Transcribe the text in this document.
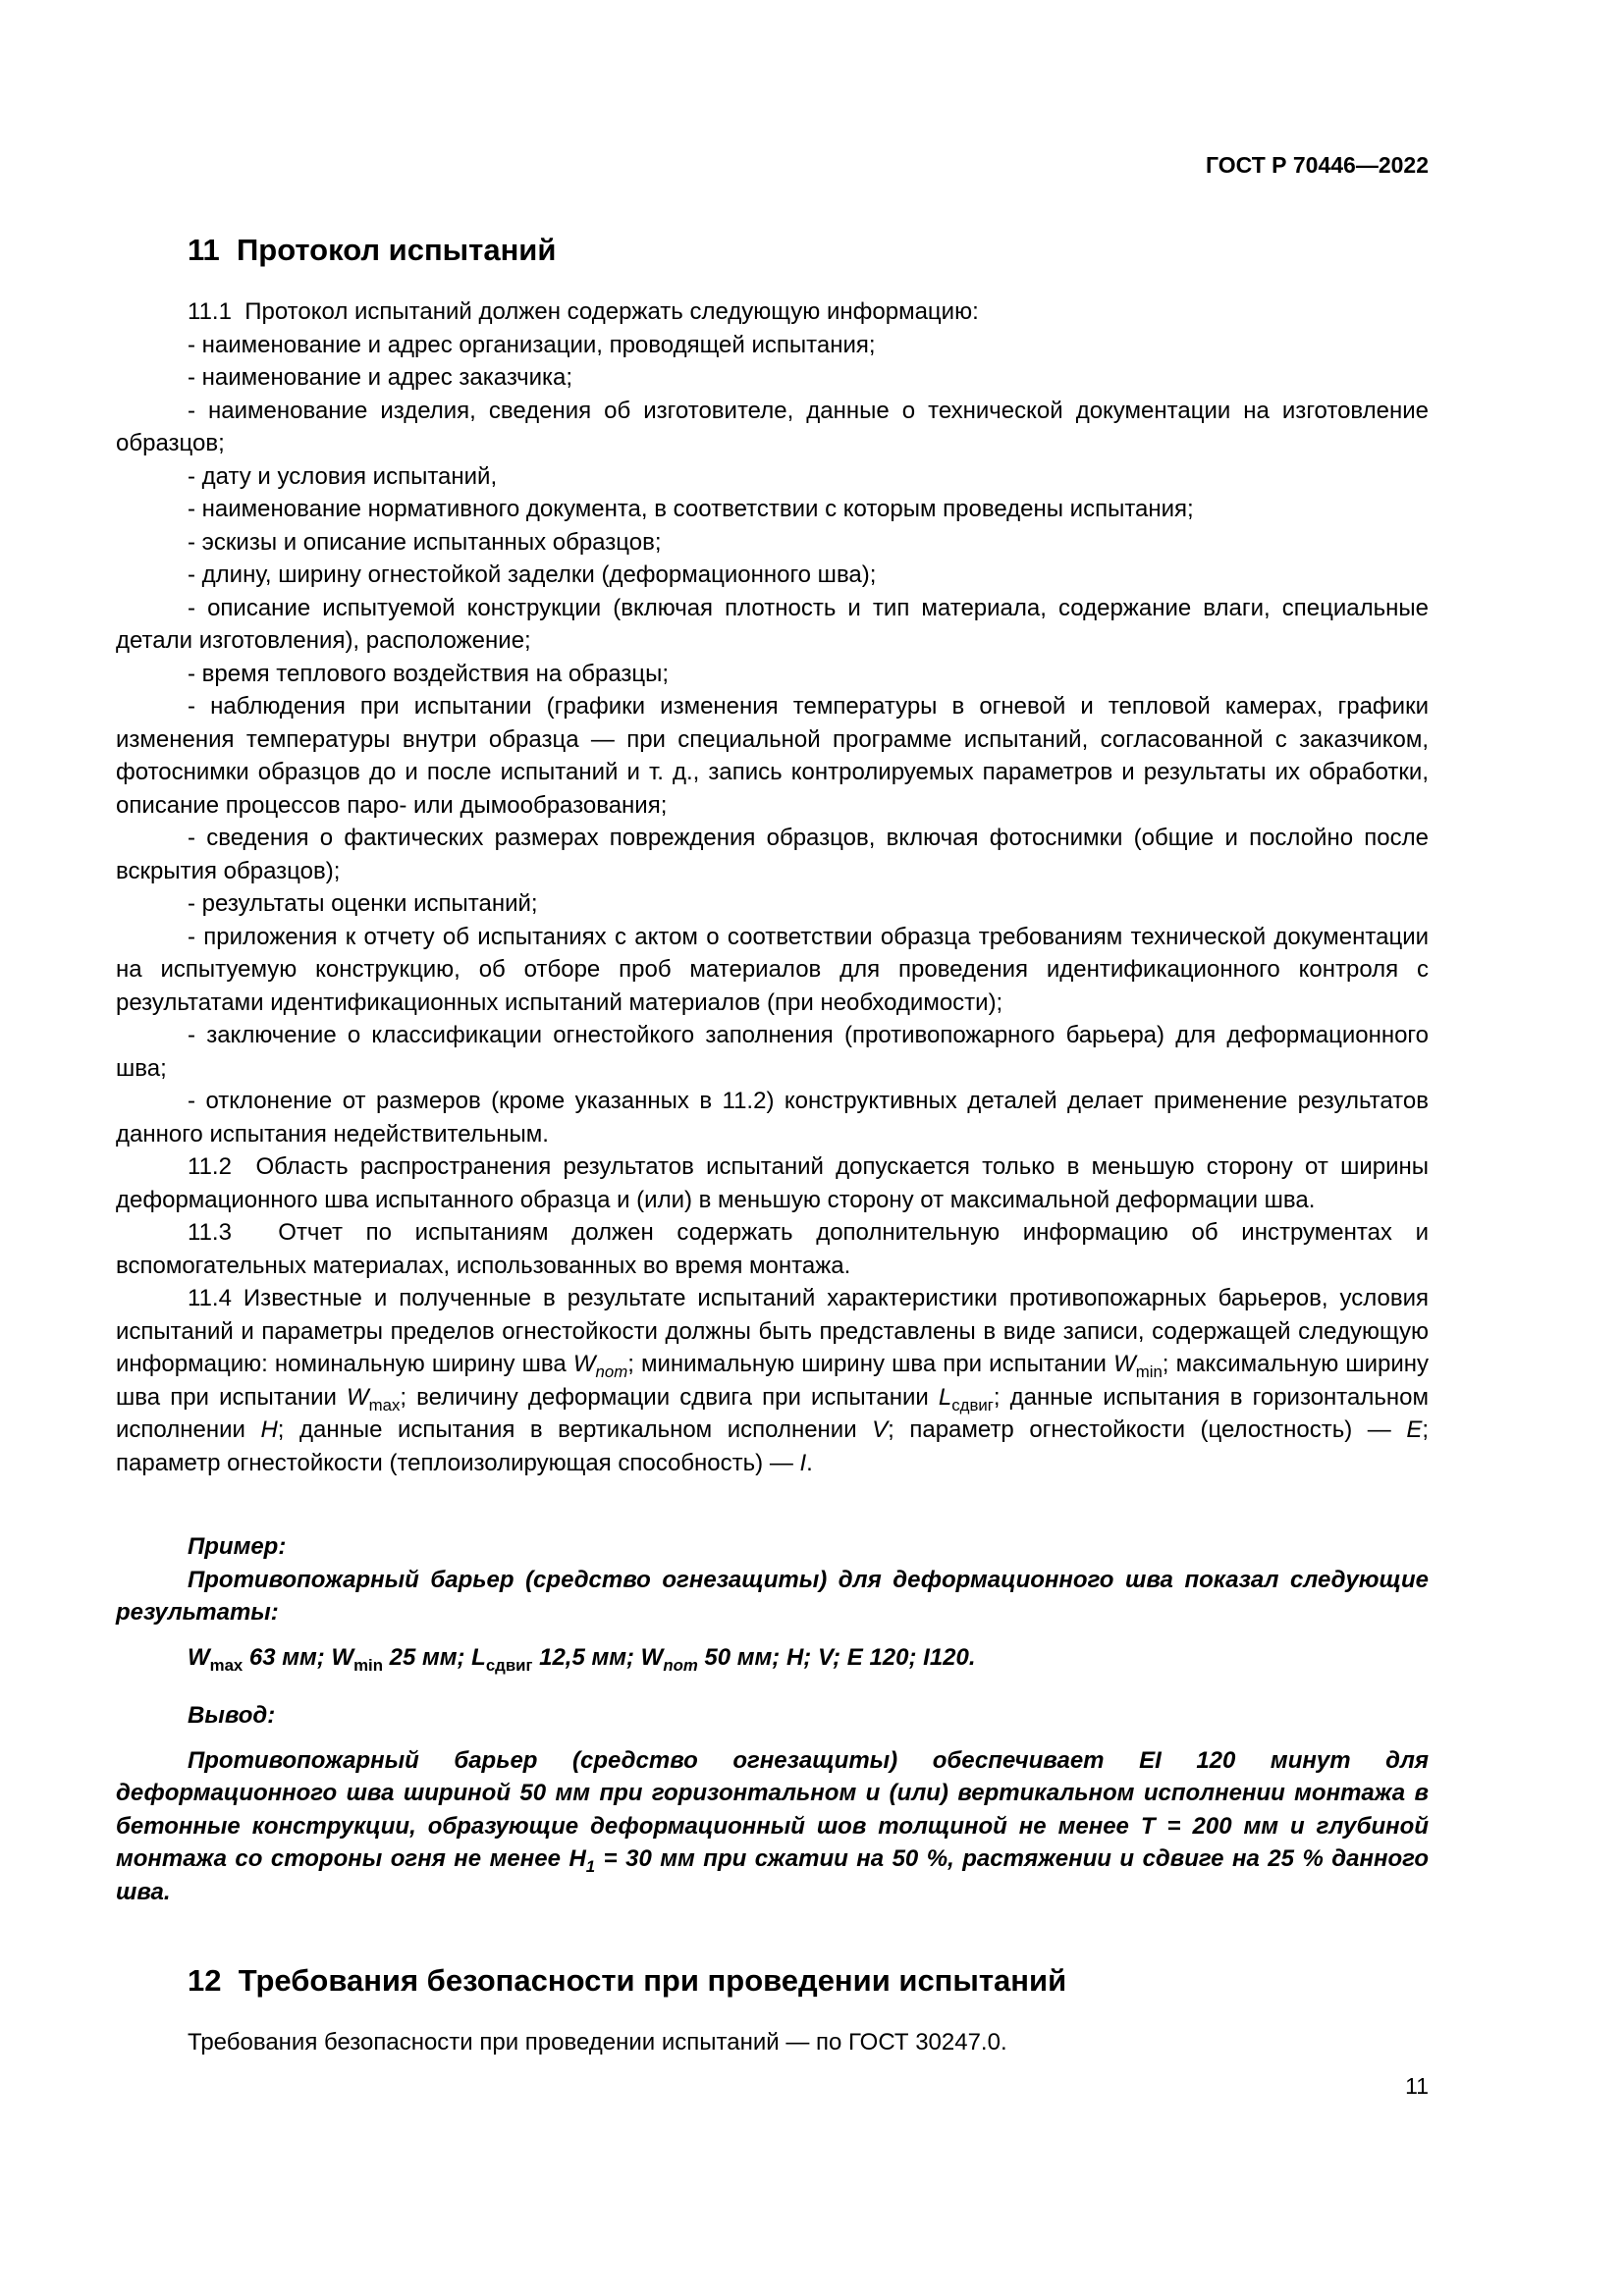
ГОСТ Р 70446—2022
11  Протокол испытаний

11.1  Протокол испытаний должен содержать следующую информацию:

- наименование и адрес организации, проводящей испытания;

- наименование и адрес заказчика;

- наименование изделия, сведения об изготовителе, данные о технической документации на изготовление образцов;

- дату и условия испытаний,

- наименование нормативного документа, в соответствии с которым проведены испытания;

- эскизы и описание испытанных образцов;

- длину, ширину огнестойкой заделки (деформационного шва);

- описание испытуемой конструкции (включая плотность и тип материала, содержание влаги, специальные детали изготовления), расположение;

- время теплового воздействия на образцы;

- наблюдения при испытании (графики изменения температуры в огневой и тепловой камерах, графики изменения температуры внутри образца — при специальной программе испытаний, согласованной с заказчиком, фотоснимки образцов до и после испытаний и т. д., запись контролируемых параметров и результаты их обработки, описание процессов паро- или дымообразования;

- сведения о фактических размерах повреждения образцов, включая фотоснимки (общие и послойно после вскрытия образцов);

- результаты оценки испытаний;

- приложения к отчету об испытаниях с актом о соответствии образца требованиям технической документации на испытуемую конструкцию, об отборе проб материалов для проведения идентификационного контроля с результатами идентификационных испытаний материалов (при необходимости);

- заключение о классификации огнестойкого заполнения (противопожарного барьера) для деформационного шва;

- отклонение от размеров (кроме указанных в 11.2) конструктивных деталей делает применение результатов данного испытания недействительным.

11.2  Область распространения результатов испытаний допускается только в меньшую сторону от ширины деформационного шва испытанного образца и (или) в меньшую сторону от максимальной деформации шва.

11.3  Отчет по испытаниям должен содержать дополнительную информацию об инструментах и вспомогательных материалах, использованных во время монтажа.

11.4 Известные и полученные в результате испытаний характеристики противопожарных барьеров, условия испытаний и параметры пределов огнестойкости должны быть представлены в виде записи, содержащей следующую информацию: номинальную ширину шва $W_{nom}$; минимальную ширину шва при испытании $W_{min}$; максимальную ширину шва при испытании $W_{max}$; величину деформации сдвига при испытании $L_{сдвиг}$; данные испытания в горизонтальном исполнении H; данные испытания в вертикальном исполнении V; параметр огнестойкости (целостность) — E; параметр огнестойкости (теплоизолирующая способность) — I.

Пример:

Противопожарный барьер (средство огнезащиты) для деформационного шва показал следующие результаты:

$W_{max}$ 63 мм; $W_{min}$ 25 мм; $L_{сдвиг}$ 12,5 мм; $W_{nom}$ 50 мм; H; V; E 120; I120.

Вывод:

Противопожарный барьер (средство огнезащиты) обеспечивает EI 120 минут для деформационного шва шириной 50 мм при горизонтальном и (или) вертикальном исполнении монтажа в бетонные конструкции, образующие деформационный шов толщиной не менее T = 200 мм и глубиной монтажа со стороны огня не менее $H_1 = 30$ мм при сжатии на 50 %, растяжении и сдвиге на 25 % данного шва.

12  Требования безопасности при проведении испытаний

Требования безопасности при проведении испытаний — по ГОСТ 30247.0.

11
